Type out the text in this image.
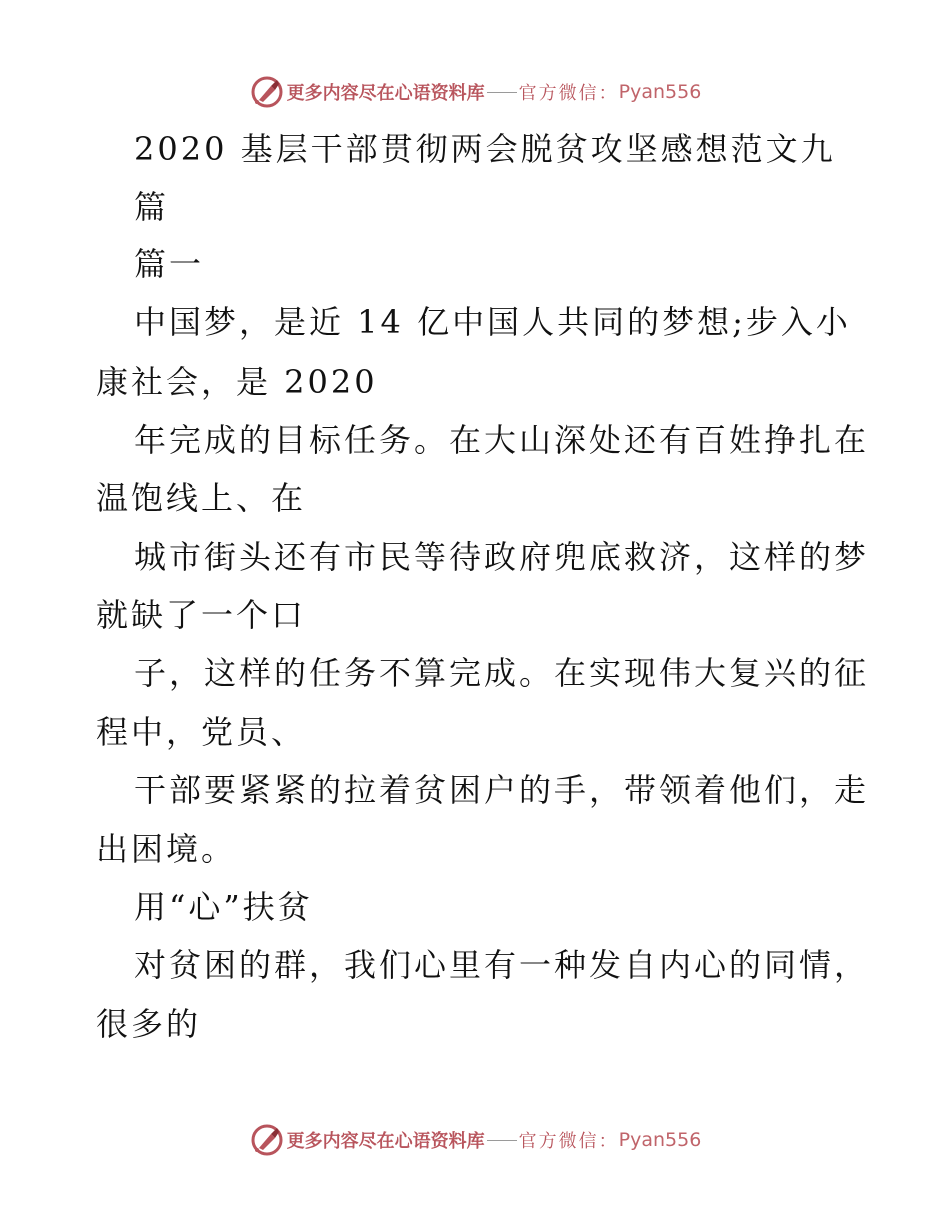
更多内容尽在心语资料库 官方微信： Pyan556
2020 基层干部贯彻两会脱贫攻坚感想范文九
篇
篇一
中国梦，是近 14 亿中国人共同的梦想;步入小
康社会，是 2020
年完成的目标任务。在大山深处还有百姓挣扎在
温饱线上、在
城市街头还有市民等待政府兜底救济，这样的梦
就缺了一个口
子，这样的任务不算完成。在实现伟大复兴的征
程中，党员、
干部要紧紧的拉着贫困户的手，带领着他们，走
出困境。
用“心”扶贫
对贫困的群，我们心里有一种发自内心的同情，
很多的
更多内容尽在心语资料库 官方微信： Pyan556
